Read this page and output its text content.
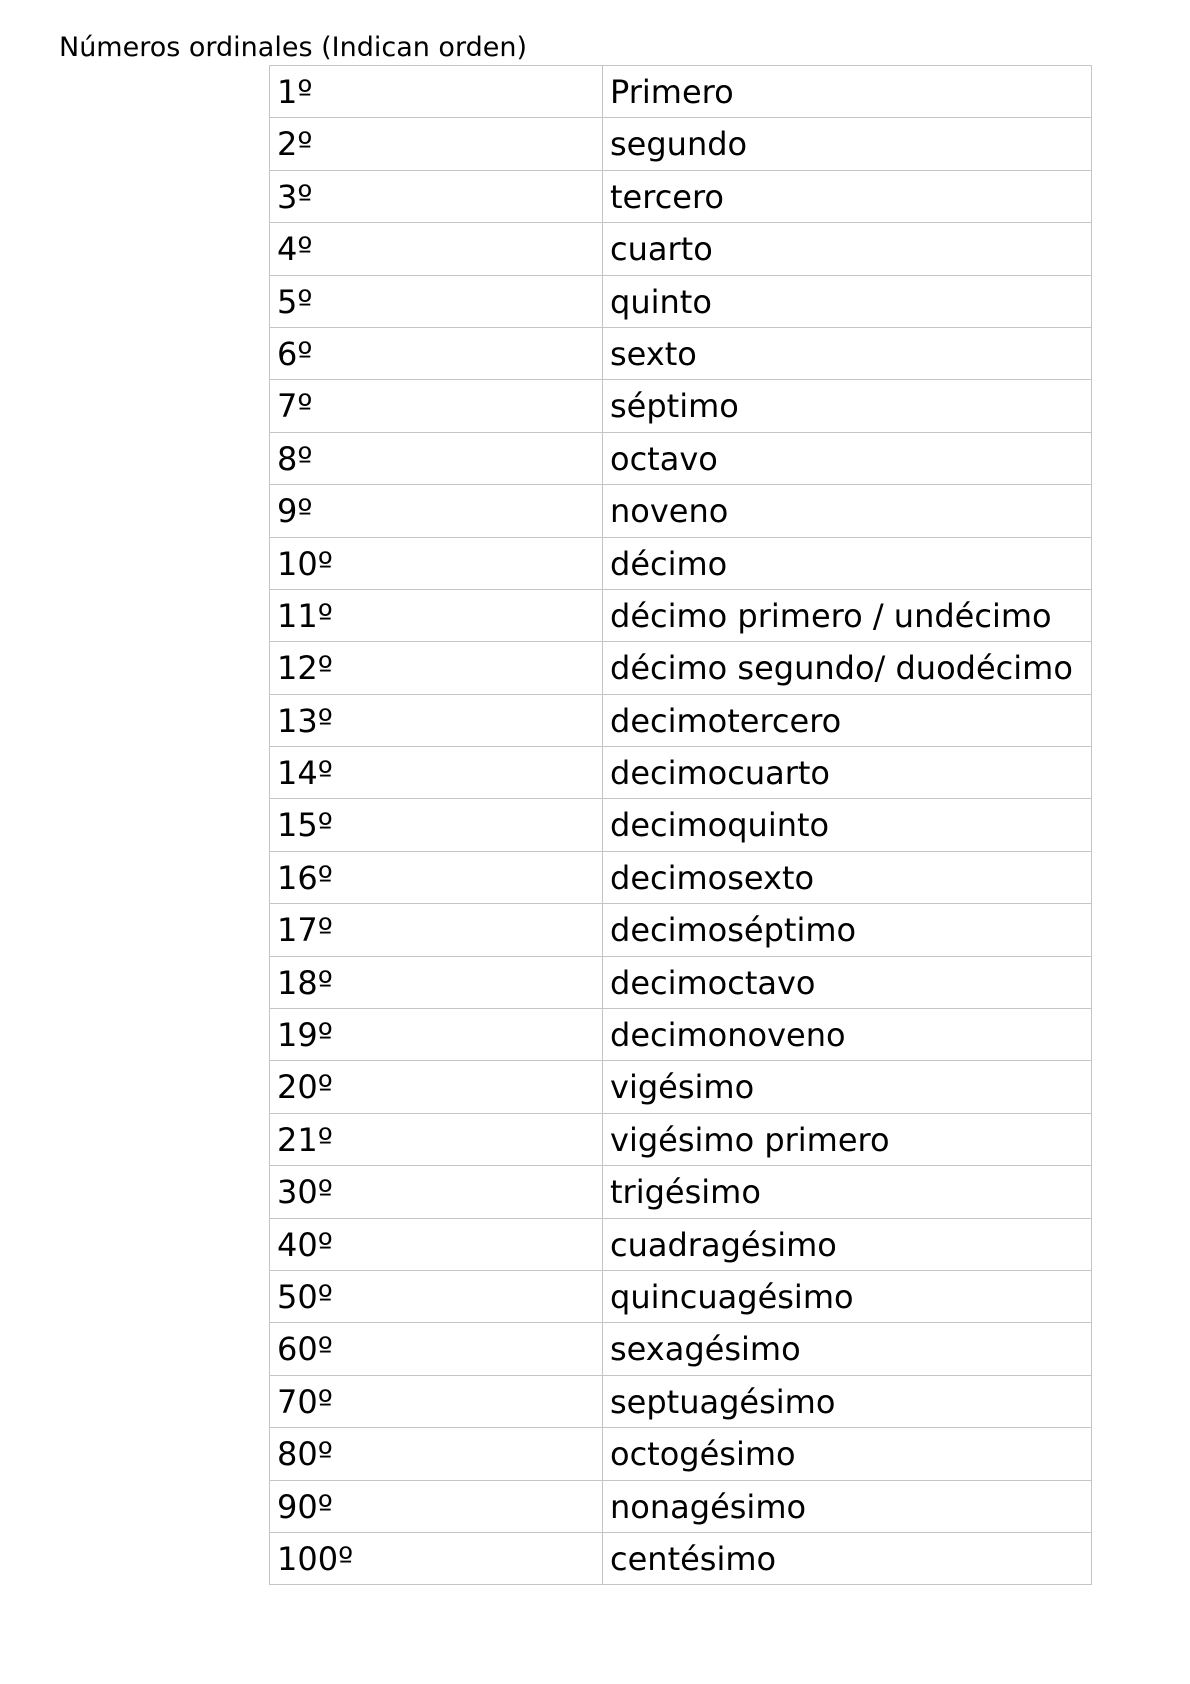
Números ordinales (Indican orden)
1º	Primero
2º	segundo
3º	tercero
4º	cuarto
5º	quinto
6º	sexto
7º	séptimo
8º	octavo
9º	noveno
10º	décimo
11º	décimo primero / undécimo
12º	décimo segundo/ duodécimo
13º	decimotercero
14º	decimocuarto
15º	decimoquinto
16º	decimosexto
17º	decimoséptimo
18º	decimoctavo
19º	decimonoveno
20º	vigésimo
21º	vigésimo primero
30º	trigésimo
40º	cuadragésimo
50º	quincuagésimo
60º	sexagésimo
70º	septuagésimo
80º	octogésimo
90º	nonagésimo
100º	centésimo
